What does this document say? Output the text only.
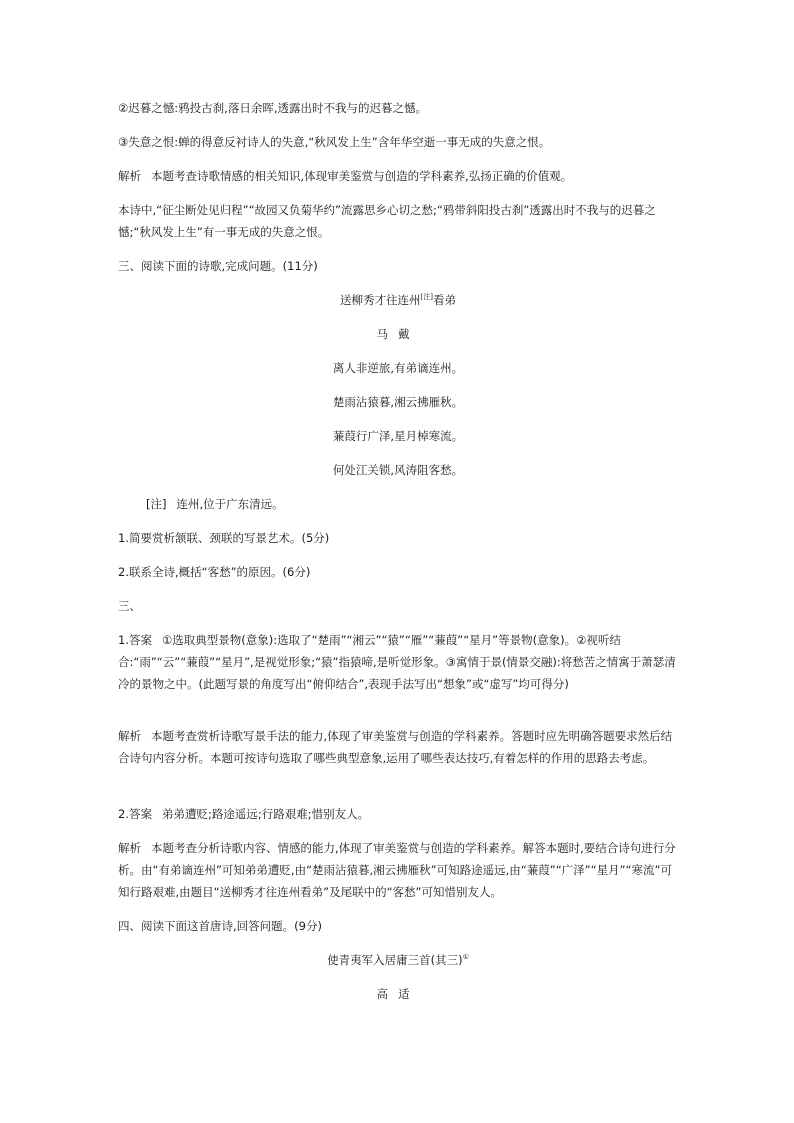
②迟暮之憾:鸦投古刹,落日余晖,透露出时不我与的迟暮之憾。
③失意之恨:蝉的得意反衬诗人的失意,“秋风发上生”含年华空逝一事无成的失意之恨。
解析 本题考查诗歌情感的相关知识,体现审美鉴赏与创造的学科素养,弘扬正确的价值观。
本诗中,“征尘断处见归程”“故园又负菊华约”流露思乡心切之愁;“鸦带斜阳投古刹”透露出时不我与的迟暮之憾;“秋风发上生”有一事无成的失意之恨。
三、阅读下面的诗歌,完成问题。(11分)
送柳秀才往连州[注]看弟
马戴
离人非逆旅,有弟谪连州。
楚雨沾猿暮,湘云拂雁秋。
蒹葭行广泽,星月棹寒流。
何处江关锁,风涛阻客愁。
[注] 连州,位于广东清远。
1.简要赏析颔联、颈联的写景艺术。(5分)
2.联系全诗,概括“客愁”的原因。(6分)
三、
1.答案 ①选取典型景物(意象):选取了“楚雨”“湘云”“猿”“雁”“蒹葭”“星月”等景物(意象)。②视听结合:“雨”“云”“蒹葭”“星月”,是视觉形象;“猿”指猿啼,是听觉形象。③寓情于景(情景交融):将愁苦之情寓于萧瑟清冷的景物之中。(此题写景的角度写出“俯仰结合”,表现手法写出“想象”或“虚写”均可得分)
解析 本题考查赏析诗歌写景手法的能力,体现了审美鉴赏与创造的学科素养。答题时应先明确答题要求然后结合诗句内容分析。本题可按诗句选取了哪些典型意象,运用了哪些表达技巧,有着怎样的作用的思路去考虑。
2.答案 弟弟遭贬;路途遥远;行路艰难;惜别友人。
解析 本题考查分析诗歌内容、情感的能力,体现了审美鉴赏与创造的学科素养。解答本题时,要结合诗句进行分析。由“有弟谪连州”可知弟弟遭贬,由“楚雨沾猿暮,湘云拂雁秋”可知路途遥远,由“蒹葭”“广泽”“星月”“寒流”可知行路艰难,由题目“送柳秀才往连州看弟”及尾联中的“客愁”可知惜别友人。
四、阅读下面这首唐诗,回答问题。(9分)
使青夷军入居庸三首(其三)①
高适
